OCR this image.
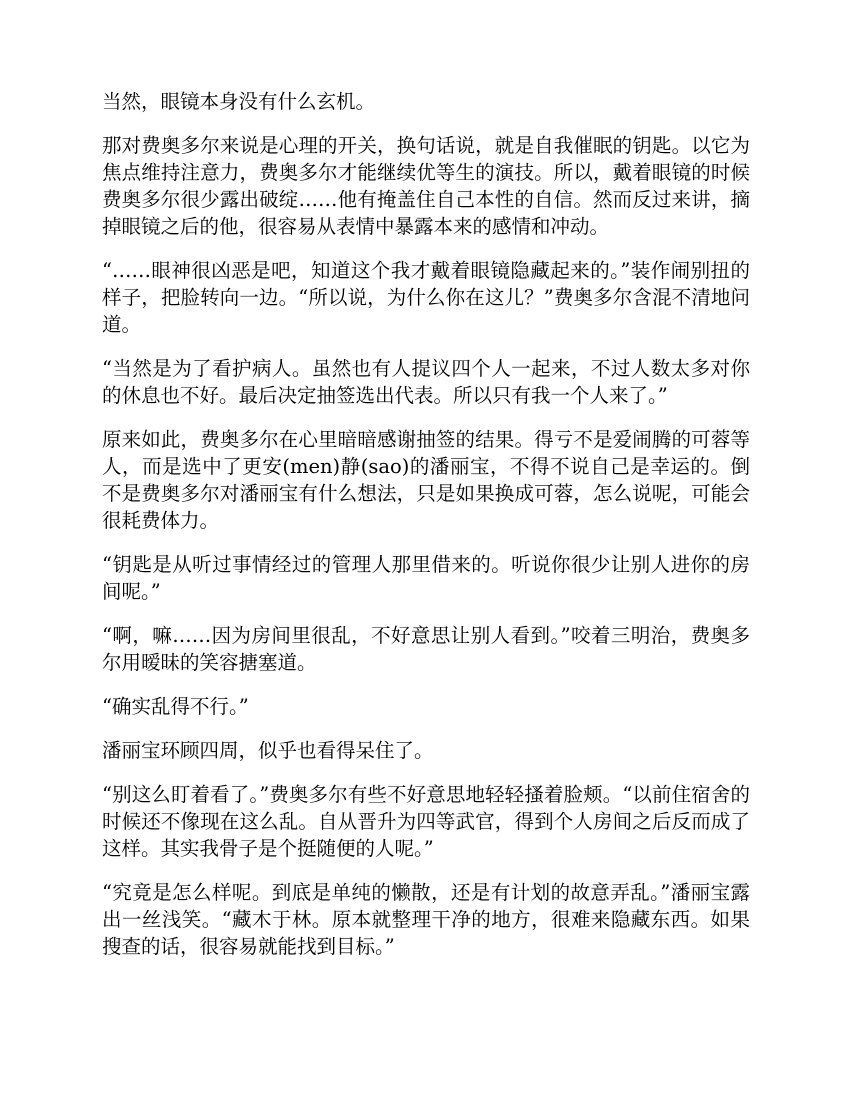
当然，眼镜本身没有什么玄机。

那对费奥多尔来说是心理的开关，换句话说，就是自我催眠的钥匙。以它为焦点维持注意力，费奥多尔才能继续优等生的演技。所以，戴着眼镜的时候费奥多尔很少露出破绽……他有掩盖住自己本性的自信。然而反过来讲，摘掉眼镜之后的他，很容易从表情中暴露本来的感情和冲动。

“……眼神很凶恶是吧，知道这个我才戴着眼镜隐藏起来的。”装作闹别扭的样子，把脸转向一边。“所以说，为什么你在这儿？”费奥多尔含混不清地问道。

“当然是为了看护病人。虽然也有人提议四个人一起来，不过人数太多对你的休息也不好。最后决定抽签选出代表。所以只有我一个人来了。”

原来如此，费奥多尔在心里暗暗感谢抽签的结果。得亏不是爱闹腾的可蓉等人，而是选中了更安(men)静(sao)的潘丽宝，不得不说自己是幸运的。倒不是费奥多尔对潘丽宝有什么想法，只是如果换成可蓉，怎么说呢，可能会很耗费体力。

“钥匙是从听过事情经过的管理人那里借来的。听说你很少让别人进你的房间呢。”

“啊，嘛……因为房间里很乱，不好意思让别人看到。”咬着三明治，费奥多尔用暧昧的笑容搪塞道。

“确实乱得不行。”

潘丽宝环顾四周，似乎也看得呆住了。

“别这么盯着看了。”费奥多尔有些不好意思地轻轻搔着脸颊。“以前住宿舍的时候还不像现在这么乱。自从晋升为四等武官，得到个人房间之后反而成了这样。其实我骨子是个挺随便的人呢。”

“究竟是怎么样呢。到底是单纯的懒散，还是有计划的故意弄乱。”潘丽宝露出一丝浅笑。“藏木于林。原本就整理干净的地方，很难来隐藏东西。如果搜查的话，很容易就能找到目标。”
